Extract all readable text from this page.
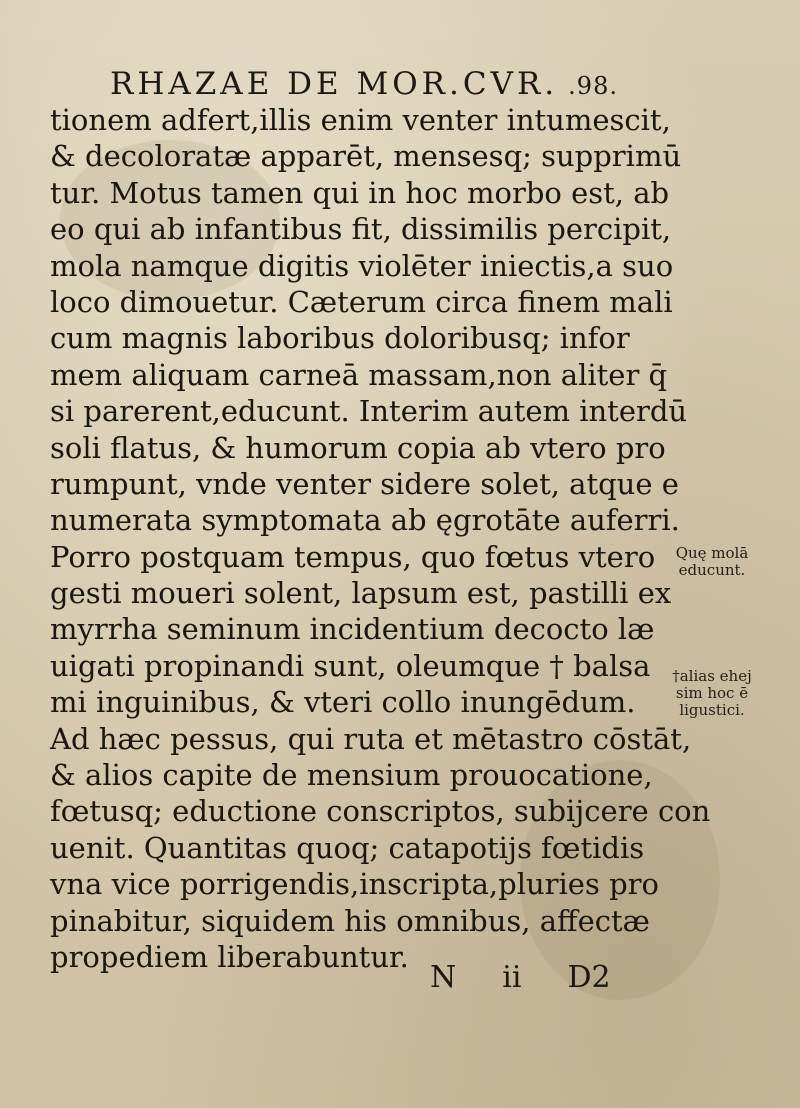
RHAZAE DE MOR.CVR. .98.
tionem adfert,illis enim venter intumescit,
& decoloratæ apparēt, mensesq; supprimū
tur. Motus tamen qui in hoc morbo est, ab
eo qui ab infantibus fit, dissimilis percipit,
mola namque digitis violēter iniectis,a suo
loco dimouetur. Cæterum circa finem mali
cum magnis laboribus doloribusq; infor
mem aliquam carneā massam,non aliter q̄
si parerent,educunt. Interim autem interdū
soli flatus, & humorum copia ab vtero pro
rumpunt, vnde venter sidere solet, atque e
numerata symptomata ab ęgrotāte auferri.
Porro postquam tempus, quo fœtus vtero
gesti moueri solent, lapsum est, pastilli ex
myrrha seminum incidentium decocto læ
uigati propinandi sunt, oleumque † balsa
mi inguinibus, & vteri collo inungēdum.
Ad hæc pessus, qui ruta et mētastro cōstāt,
& alios capite de mensium prouocatione,
fœtusq; eductione conscriptos, subijcere con
uenit. Quantitas quoq; catapotijs fœtidis
vna vice porrigendis,inscripta,pluries pro
pinabitur, siquidem his omnibus, affectæ
propediem liberabuntur.
Quę molā
educunt.
†alias ehej
sim hoc ē
ligustici.
N ii D2
